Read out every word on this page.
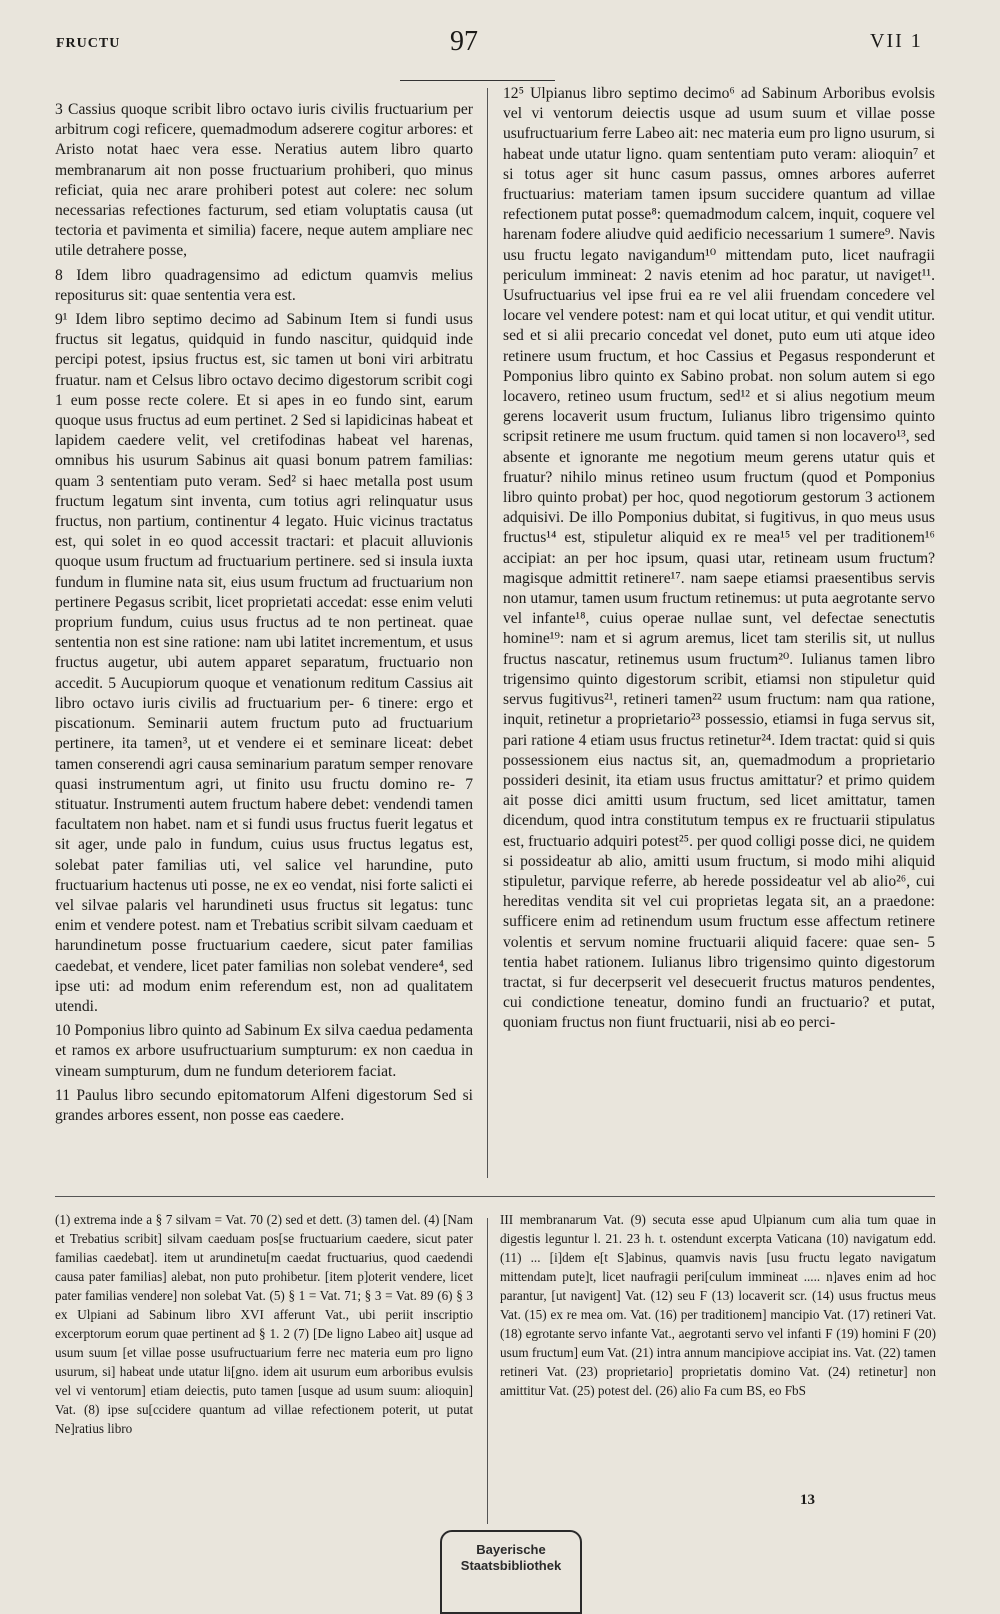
FRUCTU	97	VII 1

3 Cassius quoque scribit libro octavo iuris civilis fructuarium per arbitrum cogi reficere, quemadmodum adserere cogitur arbores: et Aristo notat haec vera esse. Neratius autem libro quarto membranarum ait non posse fructuarium prohiberi, quo minus reficiat, quia nec arare prohiberi potest aut colere: nec solum necessarias refectiones facturum, sed etiam voluptatis causa (ut tectoria et pavimenta et similia) facere, neque autem ampliare nec utile detrahere posse,

8 Idem libro quadragensimo ad edictum quamvis melius repositurus sit: quae sententia vera est.

9¹ Idem libro septimo decimo ad Sabinum Item si fundi usus fructus sit legatus, quidquid in fundo nascitur, quidquid inde percipi potest, ipsius fructus est, sic tamen ut boni viri arbitratu fruatur. nam et Celsus libro octavo decimo digestorum scribit cogi 1 eum posse recte colere. Et si apes in eo fundo sint, earum quoque usus fructus ad eum pertinet. 2 Sed si lapidicinas habeat et lapidem caedere velit, vel cretifodinas habeat vel harenas, omnibus his usurum Sabinus ait quasi bonum patrem familias: quam 3 sententiam puto veram. Sed² si haec metalla post usum fructum legatum sint inventa, cum totius agri relinquatur usus fructus, non partium, continentur 4 legato. Huic vicinus tractatus est, qui solet in eo quod accessit tractari: et placuit alluvionis quoque usum fructum ad fructuarium pertinere. sed si insula iuxta fundum in flumine nata sit, eius usum fructum ad fructuarium non pertinere Pegasus scribit, licet proprietati accedat: esse enim veluti proprium fundum, cuius usus fructus ad te non pertineat. quae sententia non est sine ratione: nam ubi latitet incrementum, et usus fructus augetur, ubi autem apparet separatum, fructuario non accedit. 5 Aucupiorum quoque et venationum reditum Cassius ait libro octavo iuris civilis ad fructuarium per- 6 tinere: ergo et piscationum. Seminarii autem fructum puto ad fructuarium pertinere, ita tamen³, ut et vendere ei et seminare liceat: debet tamen conserendi agri causa seminarium paratum semper renovare quasi instrumentum agri, ut finito usu fructu domino re- 7 stituatur. Instrumenti autem fructum habere debet: vendendi tamen facultatem non habet. nam et si fundi usus fructus fuerit legatus et sit ager, unde palo in fundum, cuius usus fructus legatus est, solebat pater familias uti, vel salice vel harundine, puto fructuarium hactenus uti posse, ne ex eo vendat, nisi forte salicti ei vel silvae palaris vel harundineti usus fructus sit legatus: tunc enim et vendere potest. nam et Trebatius scribit silvam caeduam et harundinetum posse fructuarium caedere, sicut pater familias caedebat, et vendere, licet pater familias non solebat vendere⁴, sed ipse uti: ad modum enim referendum est, non ad qualitatem utendi.

10 Pomponius libro quinto ad Sabinum Ex silva caedua pedamenta et ramos ex arbore usufructuarium sumpturum: ex non caedua in vineam sumpturum, dum ne fundum deteriorem faciat.

11 Paulus libro secundo epitomatorum Alfeni digestorum Sed si grandes arbores essent, non posse eas caedere.

12⁵ Ulpianus libro septimo decimo⁶ ad Sabinum Arboribus evolsis vel vi ventorum deiectis usque ad usum suum et villae posse usufructuarium ferre Labeo ait: nec materia eum pro ligno usurum, si habeat unde utatur ligno. quam sententiam puto veram: alioquin⁷ et si totus ager sit hunc casum passus, omnes arbores auferret fructuarius: materiam tamen ipsum succidere quantum ad villae refectionem putat posse⁸: quemadmodum calcem, inquit, coquere vel harenam fodere aliudve quid aedificio necessarium 1 sumere⁹. Navis usu fructu legato navigandum¹⁰ mittendam puto, licet naufragii periculum immineat: 2 navis etenim ad hoc paratur, ut naviget¹¹. Usufructuarius vel ipse frui ea re vel alii fruendam concedere vel locare vel vendere potest: nam et qui locat utitur, et qui vendit utitur. sed et si alii precario concedat vel donet, puto eum uti atque ideo retinere usum fructum, et hoc Cassius et Pegasus responderunt et Pomponius libro quinto ex Sabino probat. non solum autem si ego locavero, retineo usum fructum, sed¹² et si alius negotium meum gerens locaverit usum fructum, Iulianus libro trigensimo quinto scripsit retinere me usum fructum. quid tamen si non locavero¹³, sed absente et ignorante me negotium meum gerens utatur quis et fruatur? nihilo minus retineo usum fructum (quod et Pomponius libro quinto probat) per hoc, quod negotiorum gestorum 3 actionem adquisivi. De illo Pomponius dubitat, si fugitivus, in quo meus usus fructus¹⁴ est, stipuletur aliquid ex re mea¹⁵ vel per traditionem¹⁶ accipiat: an per hoc ipsum, quasi utar, retineam usum fructum? magisque admittit retinere¹⁷. nam saepe etiamsi praesentibus servis non utamur, tamen usum fructum retinemus: ut puta aegrotante servo vel infante¹⁸, cuius operae nullae sunt, vel defectae senectutis homine¹⁹: nam et si agrum aremus, licet tam sterilis sit, ut nullus fructus nascatur, retinemus usum fructum²⁰. Iulianus tamen libro trigensimo quinto digestorum scribit, etiamsi non stipuletur quid servus fugitivus²¹, retineri tamen²² usum fructum: nam qua ratione, inquit, retinetur a proprietario²³ possessio, etiamsi in fuga servus sit, pari ratione 4 etiam usus fructus retinetur²⁴. Idem tractat: quid si quis possessionem eius nactus sit, an, quemadmodum a proprietario possideri desinit, ita etiam usus fructus amittatur? et primo quidem ait posse dici amitti usum fructum, sed licet amittatur, tamen dicendum, quod intra constitutum tempus ex re fructuarii stipulatus est, fructuario adquiri potest²⁵. per quod colligi posse dici, ne quidem si possideatur ab alio, amitti usum fructum, si modo mihi aliquid stipuletur, parvique referre, ab herede possideatur vel ab alio²⁶, cui hereditas vendita sit vel cui proprietas legata sit, an a praedone: sufficere enim ad retinendum usum fructum esse affectum retinere volentis et servum nomine fructuarii aliquid facere: quae sen- 5 tentia habet rationem. Iulianus libro trigensimo quinto digestorum tractat, si fur decerpserit vel desecuerit fructus maturos pendentes, cui condictione teneatur, domino fundi an fructuario? et putat, quoniam fructus non fiunt fructuarii, nisi ab eo perci-

(1) extrema inde a § 7 silvam = Vat. 70 (2) sed et dett. (3) tamen del. (4) [Nam et Trebatius scribit] silvam caeduam pos[se fructuarium caedere, sicut pater familias caedebat]. item ut arundinetu[m caedat fructuarius, quod caedendi causa pater familias] alebat, non puto prohibetur. [item p]oterit vendere, licet pater familias vendere] non solebat Vat. (5) § 1 = Vat. 71; § 3 = Vat. 89 (6) § 3 ex Ulpiani ad Sabinum libro XVI afferunt Vat., ubi periit inscriptio excerptorum eorum quae pertinent ad § 1. 2 (7) [De ligno Labeo ait] usque ad usum suum [et villae posse usufructuarium ferre nec materia eum pro ligno usurum, si] habeat unde utatur li[gno. idem ait usurum eum arboribus evulsis vel vi ventorum] etiam deiectis, puto tamen [usque ad usum suum: alioquin] Vat. (8) ipse su[ccidere quantum ad villae refectionem poterit, ut putat Ne]ratius libro
III membranarum Vat. (9) secuta esse apud Ulpianum cum alia tum quae in digestis leguntur l. 21. 23 h. t. ostendunt excerpta Vaticana (10) navigatum edd. (11) ... [i]dem e[t S]abinus, quamvis navis [usu fructu legato navigatum mittendam pute]t, licet naufragii peri[culum immineat ..... n]aves enim ad hoc parantur, [ut navigent] Vat. (12) seu F (13) locaverit scr. (14) usus fructus meus Vat. (15) ex re mea om. Vat. (16) per traditionem] mancipio Vat. (17) retineri Vat. (18) egrotante servo infante Vat., aegrotanti servo vel infanti F (19) homini F (20) usum fructum] eum Vat. (21) intra annum mancipiove accipiat ins. Vat. (22) tamen retineri Vat. (23) proprietario] proprietatis domino Vat. (24) retinetur] non amittitur Vat. (25) potest del. (26) alio Fa cum BS, eo FbS
13
Bayerische
Staatsbibliothek
